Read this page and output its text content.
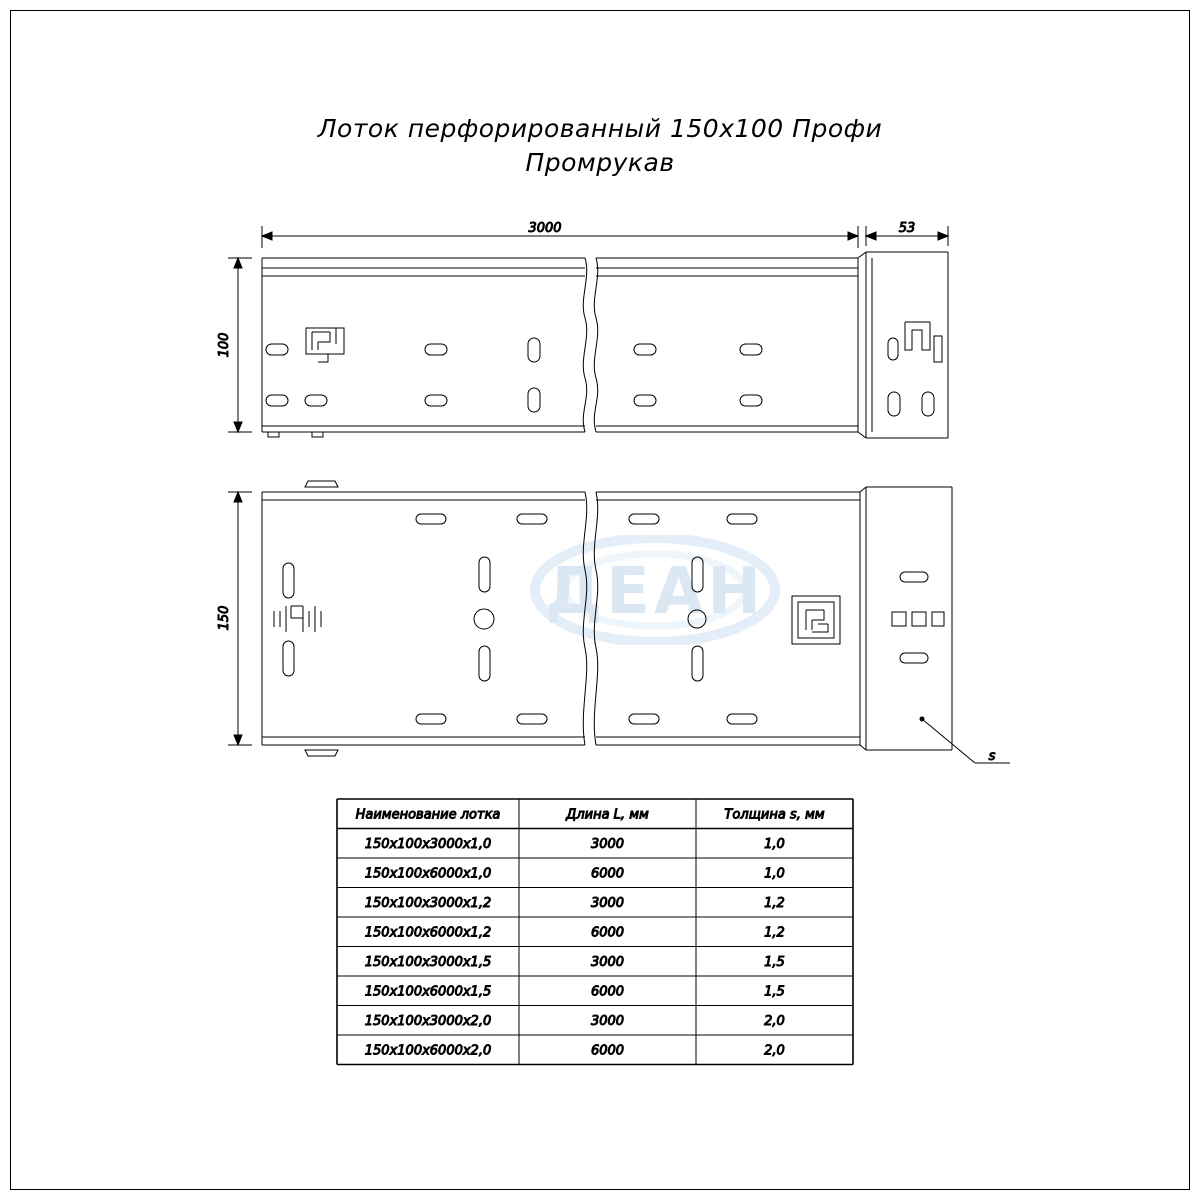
Лоток перфорированный 150х100 Профи
Промрукав
ДЕАН
3000	53
100
150
s
Наименование лотка	Длина L, мм	Толщина s, мм
150х100х3000х1,0	3000	1,0
150х100х6000х1,0	6000	1,0
150х100х3000х1,2	3000	1,2
150х100х6000х1,2	6000	1,2
150х100х3000х1,5	3000	1,5
150х100х6000х1,5	6000	1,5
150х100х3000х2,0	3000	2,0
150х100х6000х2,0	6000	2,0
